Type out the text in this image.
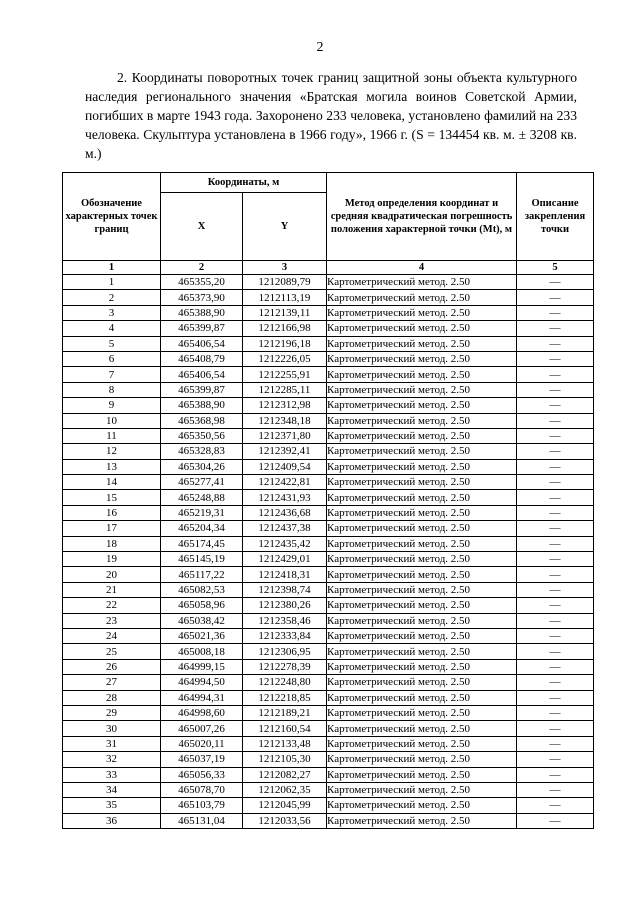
2

2. Координаты поворотных точек границ защитной зоны объекта культурного наследия регионального значения «Братская могила воинов Советской Армии, погибших в марте 1943 года. Захоронено 233 человека, установлено фамилий на 233 человека. Скульптура установлена в 1966 году», 1966 г. (S = 134454 кв. м. ± 3208 кв. м.)

Обозначение характерных точек границ	Координаты, м		Метод определения координат и средняя квадратическая погрешность положения характерной точки (Mt), м	Описание закрепления точки
	X	Y		
1	2	3	4	5
1	465355,20	1212089,79	Картометрический метод. 2.50	—
2	465373,90	1212113,19	Картометрический метод. 2.50	—
3	465388,90	1212139,11	Картометрический метод. 2.50	—
4	465399,87	1212166,98	Картометрический метод. 2.50	—
5	465406,54	1212196,18	Картометрический метод. 2.50	—
6	465408,79	1212226,05	Картометрический метод. 2.50	—
7	465406,54	1212255,91	Картометрический метод. 2.50	—
8	465399,87	1212285,11	Картометрический метод. 2.50	—
9	465388,90	1212312,98	Картометрический метод. 2.50	—
10	465368,98	1212348,18	Картометрический метод. 2.50	—
11	465350,56	1212371,80	Картометрический метод. 2.50	—
12	465328,83	1212392,41	Картометрический метод. 2.50	—
13	465304,26	1212409,54	Картометрический метод. 2.50	—
14	465277,41	1212422,81	Картометрический метод. 2.50	—
15	465248,88	1212431,93	Картометрический метод. 2.50	—
16	465219,31	1212436,68	Картометрический метод. 2.50	—
17	465204,34	1212437,38	Картометрический метод. 2.50	—
18	465174,45	1212435,42	Картометрический метод. 2.50	—
19	465145,19	1212429,01	Картометрический метод. 2.50	—
20	465117,22	1212418,31	Картометрический метод. 2.50	—
21	465082,53	1212398,74	Картометрический метод. 2.50	—
22	465058,96	1212380,26	Картометрический метод. 2.50	—
23	465038,42	1212358,46	Картометрический метод. 2.50	—
24	465021,36	1212333,84	Картометрический метод. 2.50	—
25	465008,18	1212306,95	Картометрический метод. 2.50	—
26	464999,15	1212278,39	Картометрический метод. 2.50	—
27	464994,50	1212248,80	Картометрический метод. 2.50	—
28	464994,31	1212218,85	Картометрический метод. 2.50	—
29	464998,60	1212189,21	Картометрический метод. 2.50	—
30	465007,26	1212160,54	Картометрический метод. 2.50	—
31	465020,11	1212133,48	Картометрический метод. 2.50	—
32	465037,19	1212105,30	Картометрический метод. 2.50	—
33	465056,33	1212082,27	Картометрический метод. 2.50	—
34	465078,70	1212062,35	Картометрический метод. 2.50	—
35	465103,79	1212045,99	Картометрический метод. 2.50	—
36	465131,04	1212033,56	Картометрический метод. 2.50	—
